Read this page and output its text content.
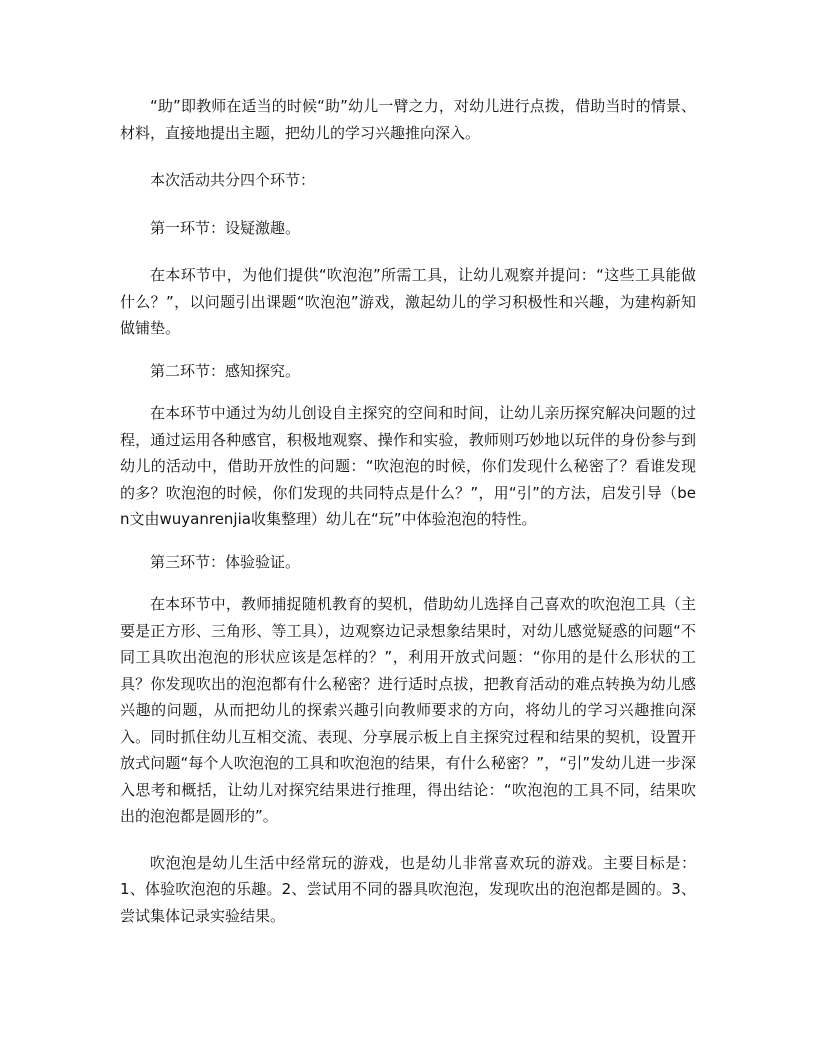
“助”即教师在适当的时候“助”幼儿一臂之力，对幼儿进行点拨，借助当时的情景、材料，直接地提出主题，把幼儿的学习兴趣推向深入。

本次活动共分四个环节：

第一环节：设疑激趣。

在本环节中，为他们提供“吹泡泡”所需工具，让幼儿观察并提问：“这些工具能做什么？”，以问题引出课题“吹泡泡”游戏，激起幼儿的学习积极性和兴趣，为建构新知做铺垫。

第二环节：感知探究。

在本环节中通过为幼儿创设自主探究的空间和时间，让幼儿亲历探究解决问题的过程，通过运用各种感官，积极地观察、操作和实验，教师则巧妙地以玩伴的身份参与到幼儿的活动中，借助开放性的问题：“吹泡泡的时候，你们发现什么秘密了？看谁发现的多？吹泡泡的时候，你们发现的共同特点是什么？”，用“引”的方法，启发引导（ben文由wuyanrenjia收集整理）幼儿在“玩”中体验泡泡的特性。

第三环节：体验验证。

在本环节中，教师捕捉随机教育的契机，借助幼儿选择自己喜欢的吹泡泡工具（主要是正方形、三角形、等工具），边观察边记录想象结果时，对幼儿感觉疑惑的问题“不同工具吹出泡泡的形状应该是怎样的？”，利用开放式问题：“你用的是什么形状的工具？你发现吹出的泡泡都有什么秘密？进行适时点拔，把教育活动的难点转换为幼儿感兴趣的问题，从而把幼儿的探索兴趣引向教师要求的方向，将幼儿的学习兴趣推向深入。同时抓住幼儿互相交流、表现、分享展示板上自主探究过程和结果的契机，设置开放式问题“每个人吹泡泡的工具和吹泡泡的结果，有什么秘密？”，“引”发幼儿进一步深入思考和概括，让幼儿对探究结果进行推理，得出结论：“吹泡泡的工具不同，结果吹出的泡泡都是圆形的”。

吹泡泡是幼儿生活中经常玩的游戏，也是幼儿非常喜欢玩的游戏。主要目标是：1、体验吹泡泡的乐趣。2、尝试用不同的器具吹泡泡，发现吹出的泡泡都是圆的。3、尝试集体记录实验结果。
